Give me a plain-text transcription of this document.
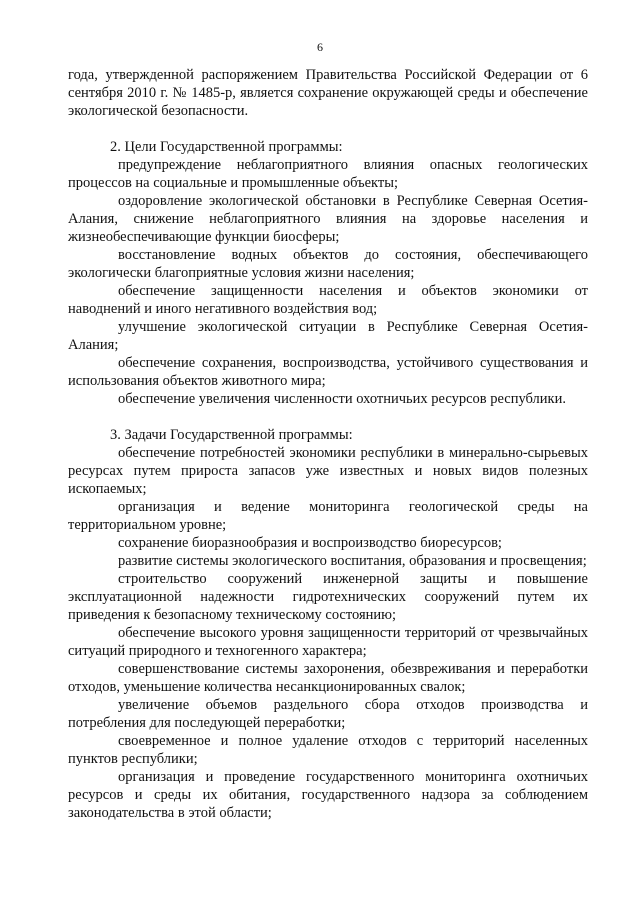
6

года, утвержденной распоряжением Правительства Российской Федерации от 6 сентября 2010 г. № 1485-р, является сохранение окружающей среды и обеспечение экологической безопасности.

2. Цели Государственной программы:

предупреждение неблагоприятного влияния опасных геологических процессов на социальные и промышленные объекты;

оздоровление экологической обстановки в Республике Северная Осетия-Алания, снижение неблагоприятного влияния на здоровье населения и жизнеобеспечивающие функции биосферы;

восстановление водных объектов до состояния, обеспечивающего экологически благоприятные условия жизни населения;

обеспечение защищенности населения и объектов экономики от наводнений и иного негативного воздействия вод;

улучшение экологической ситуации в Республике Северная Осетия-Алания;

обеспечение сохранения, воспроизводства, устойчивого существования и использования объектов животного мира;

обеспечение увеличения численности охотничьих ресурсов республики.

3. Задачи Государственной программы:

обеспечение потребностей экономики республики в минерально-сырьевых ресурсах путем прироста запасов уже известных и новых видов полезных ископаемых;

организация и ведение мониторинга геологической среды на территориальном уровне;

сохранение биоразнообразия и воспроизводство биоресурсов;

развитие системы экологического воспитания, образования и просвещения;

строительство сооружений инженерной защиты и повышение эксплуатационной надежности гидротехнических сооружений путем их приведения к безопасному техническому состоянию;

обеспечение высокого уровня защищенности территорий от чрезвычайных ситуаций природного и техногенного характера;

совершенствование системы захоронения, обезвреживания и переработки отходов, уменьшение количества несанкционированных свалок;

увеличение объемов раздельного сбора отходов производства и потребления для последующей переработки;

своевременное и полное удаление отходов с территорий населенных пунктов республики;

организация и проведение государственного мониторинга охотничьих ресурсов и среды их обитания, государственного надзора за соблюдением законодательства в этой области;
